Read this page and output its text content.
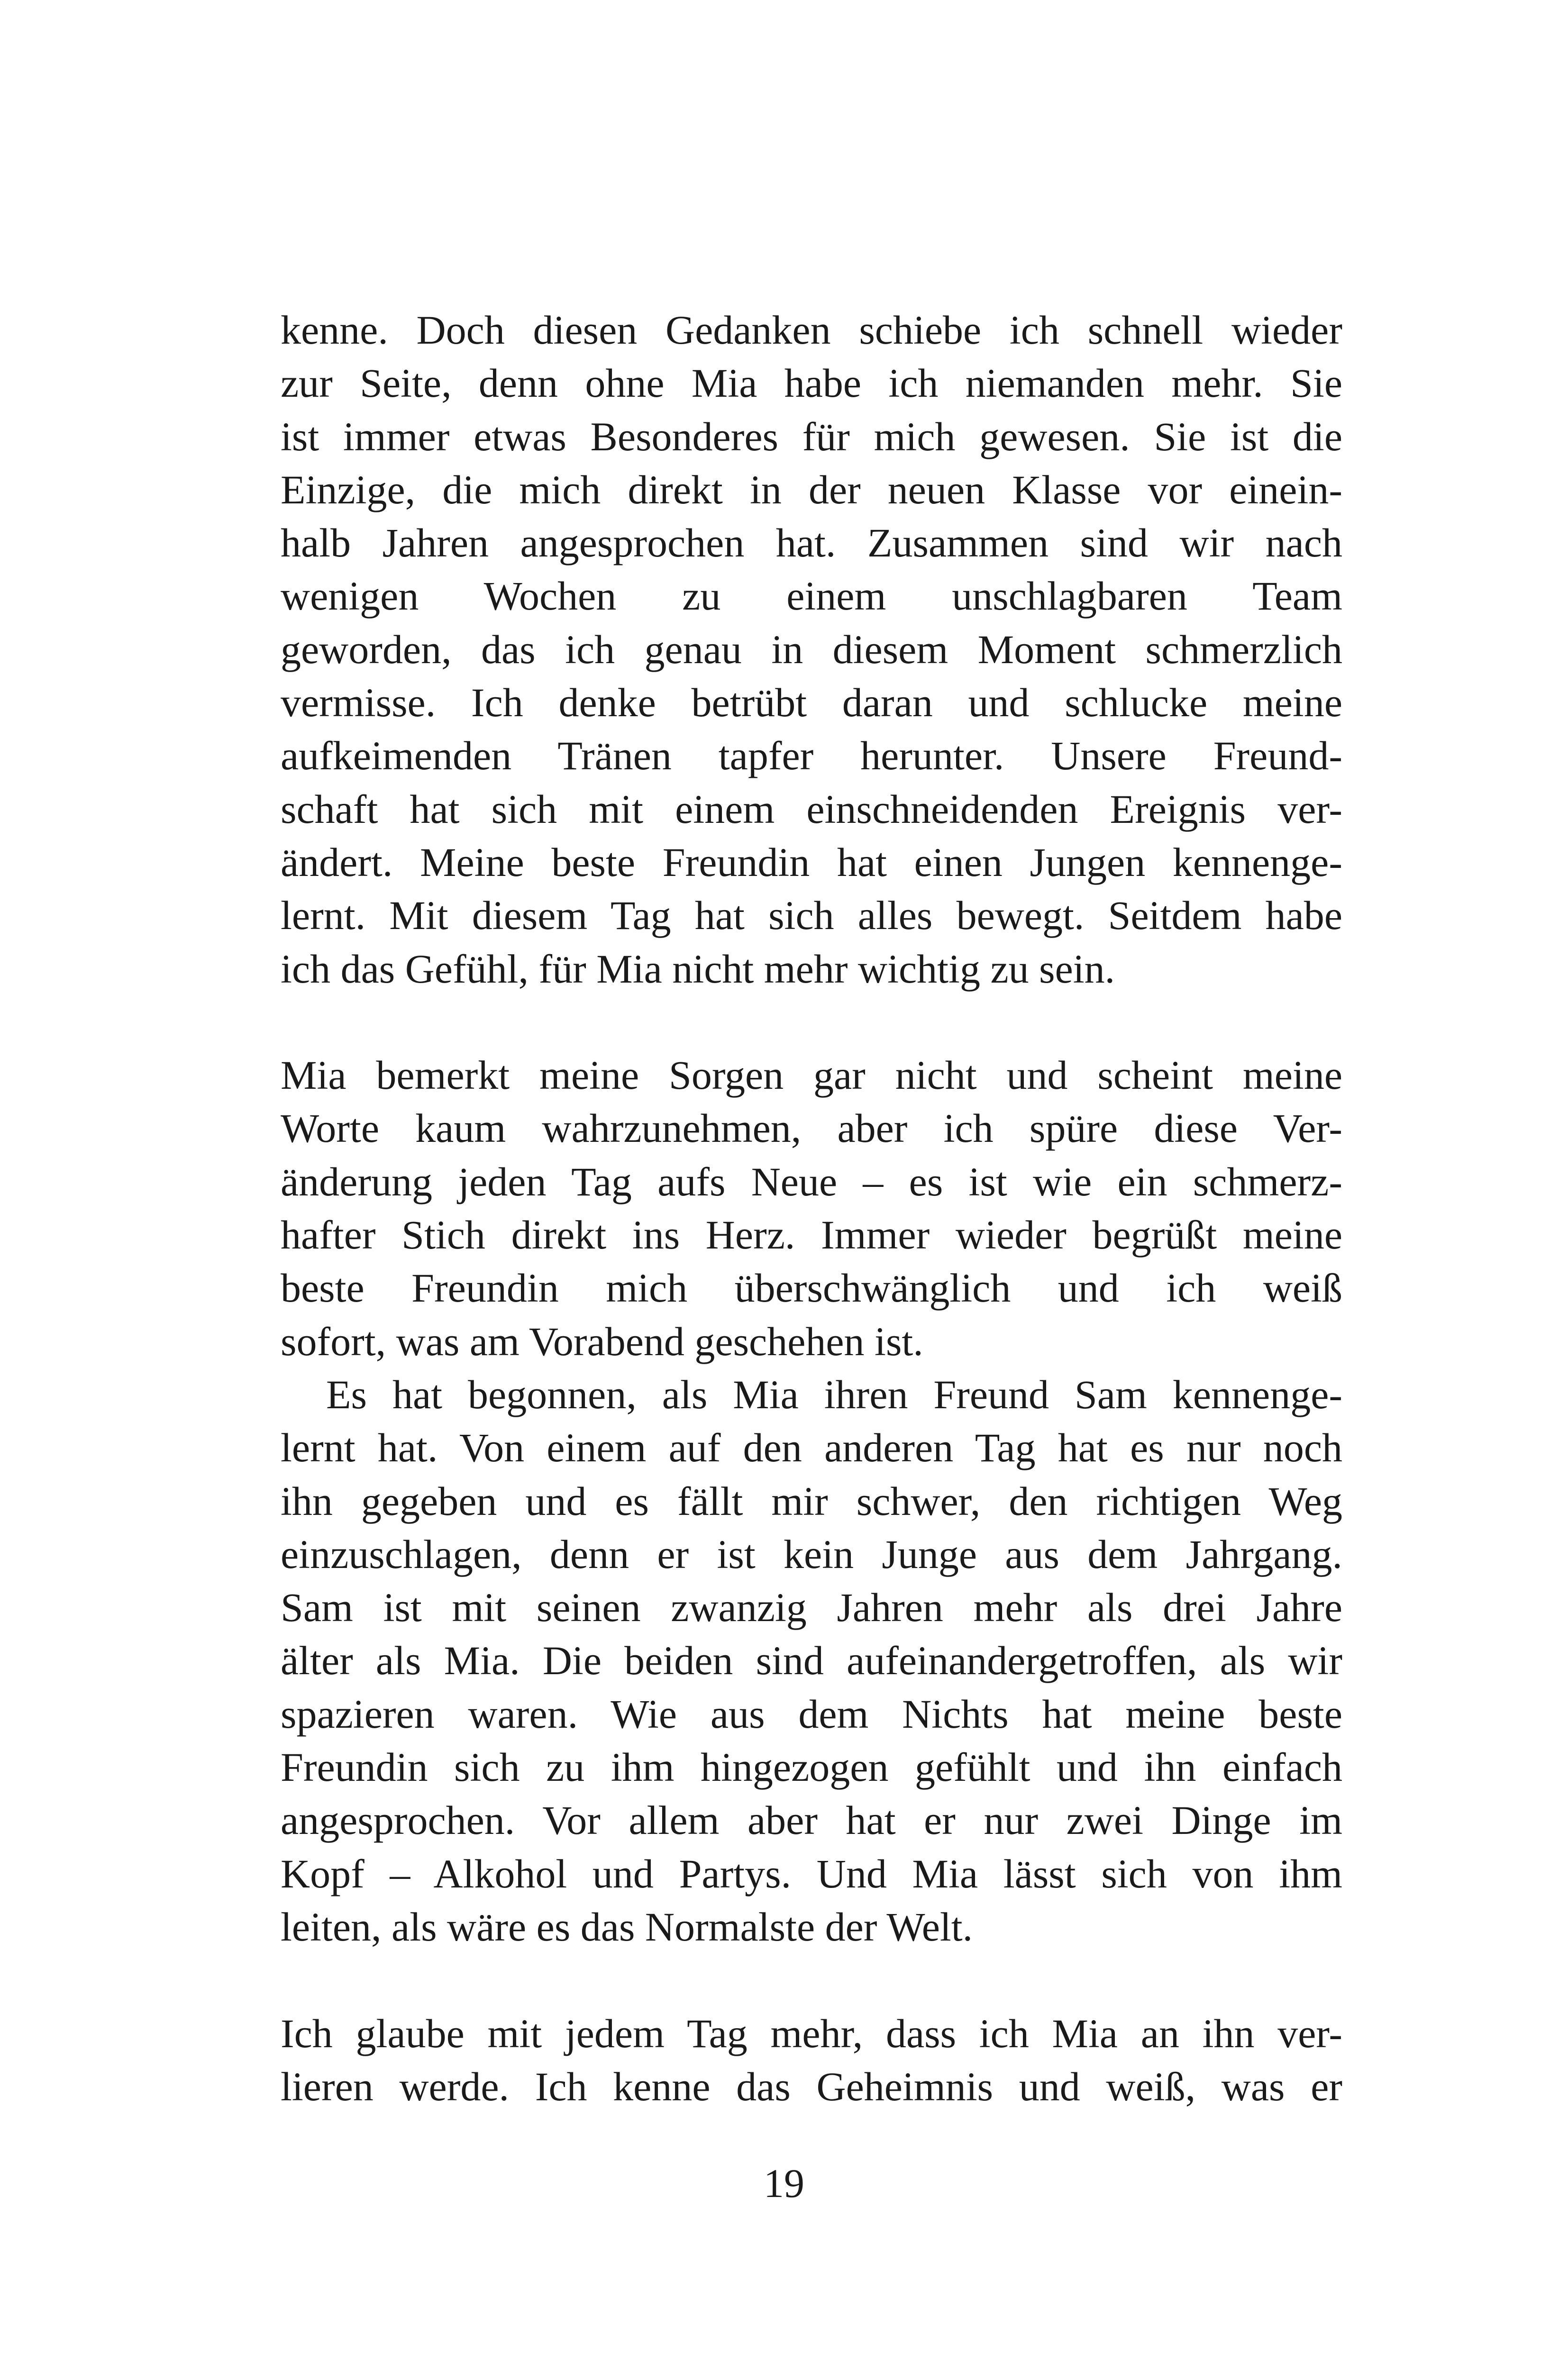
kenne. Doch diesen Gedanken schiebe ich schnell wieder
zur Seite, denn ohne Mia habe ich niemanden mehr. Sie
ist immer etwas Besonderes für mich gewesen. Sie ist die
Einzige, die mich direkt in der neuen Klasse vor einein-
halb Jahren angesprochen hat. Zusammen sind wir nach
wenigen Wochen zu einem unschlagbaren Team
geworden, das ich genau in diesem Moment schmerzlich
vermisse. Ich denke betrübt daran und schlucke meine
aufkeimenden Tränen tapfer herunter. Unsere Freund-
schaft hat sich mit einem einschneidenden Ereignis ver-
ändert. Meine beste Freundin hat einen Jungen kennenge-
lernt. Mit diesem Tag hat sich alles bewegt. Seitdem habe
ich das Gefühl, für Mia nicht mehr wichtig zu sein.
Mia bemerkt meine Sorgen gar nicht und scheint meine
Worte kaum wahrzunehmen, aber ich spüre diese Ver-
änderung jeden Tag aufs Neue – es ist wie ein schmerz-
hafter Stich direkt ins Herz. Immer wieder begrüßt meine
beste Freundin mich überschwänglich und ich weiß
sofort, was am Vorabend geschehen ist.
Es hat begonnen, als Mia ihren Freund Sam kennenge-
lernt hat. Von einem auf den anderen Tag hat es nur noch
ihn gegeben und es fällt mir schwer, den richtigen Weg
einzuschlagen, denn er ist kein Junge aus dem Jahrgang.
Sam ist mit seinen zwanzig Jahren mehr als drei Jahre
älter als Mia. Die beiden sind aufeinandergetroffen, als wir
spazieren waren. Wie aus dem Nichts hat meine beste
Freundin sich zu ihm hingezogen gefühlt und ihn einfach
angesprochen. Vor allem aber hat er nur zwei Dinge im
Kopf – Alkohol und Partys. Und Mia lässt sich von ihm
leiten, als wäre es das Normalste der Welt.
Ich glaube mit jedem Tag mehr, dass ich Mia an ihn ver-
lieren werde. Ich kenne das Geheimnis und weiß, was er
19
